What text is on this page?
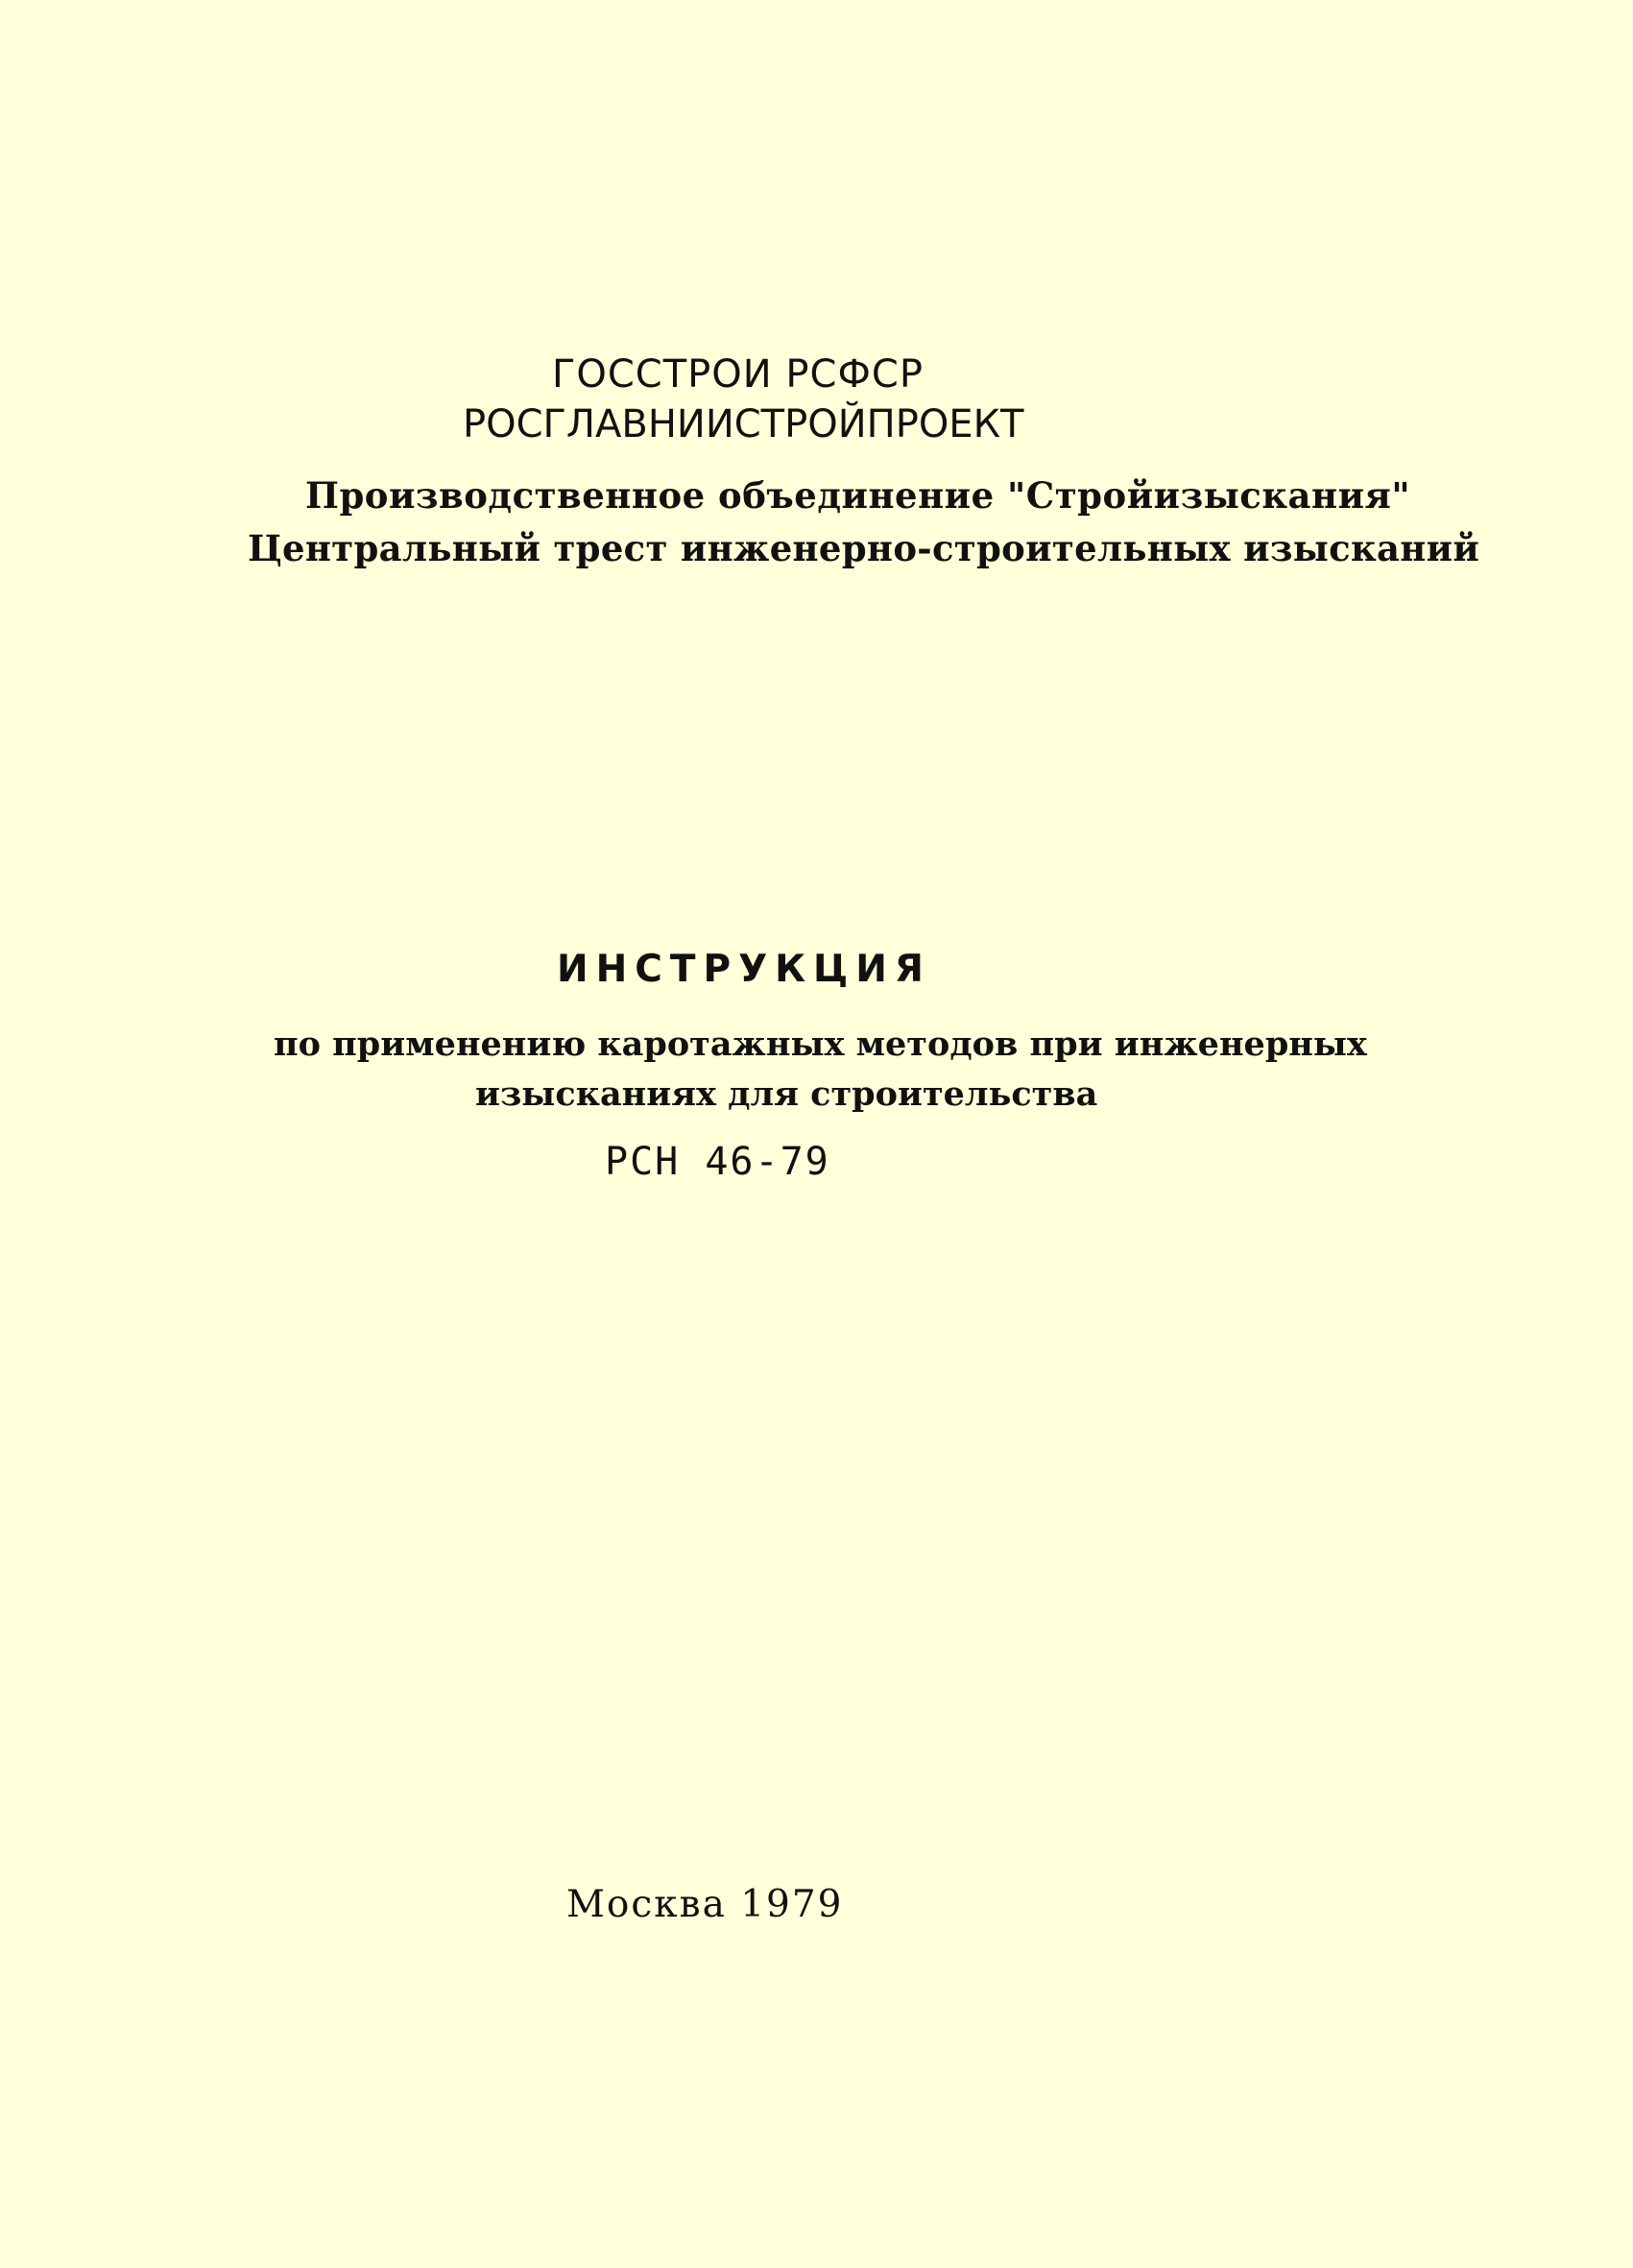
ГОССТРОИ РСФСР
РОСГЛАВНИИСТРОЙПРОЕКТ
Производственное объединение "Стройизыскания"
Центральный трест инженерно-строительных изысканий
ИНСТРУКЦИЯ
по применению каротажных методов при инженерных
изысканиях для строительства
РСН 46-79
Москва 1979
